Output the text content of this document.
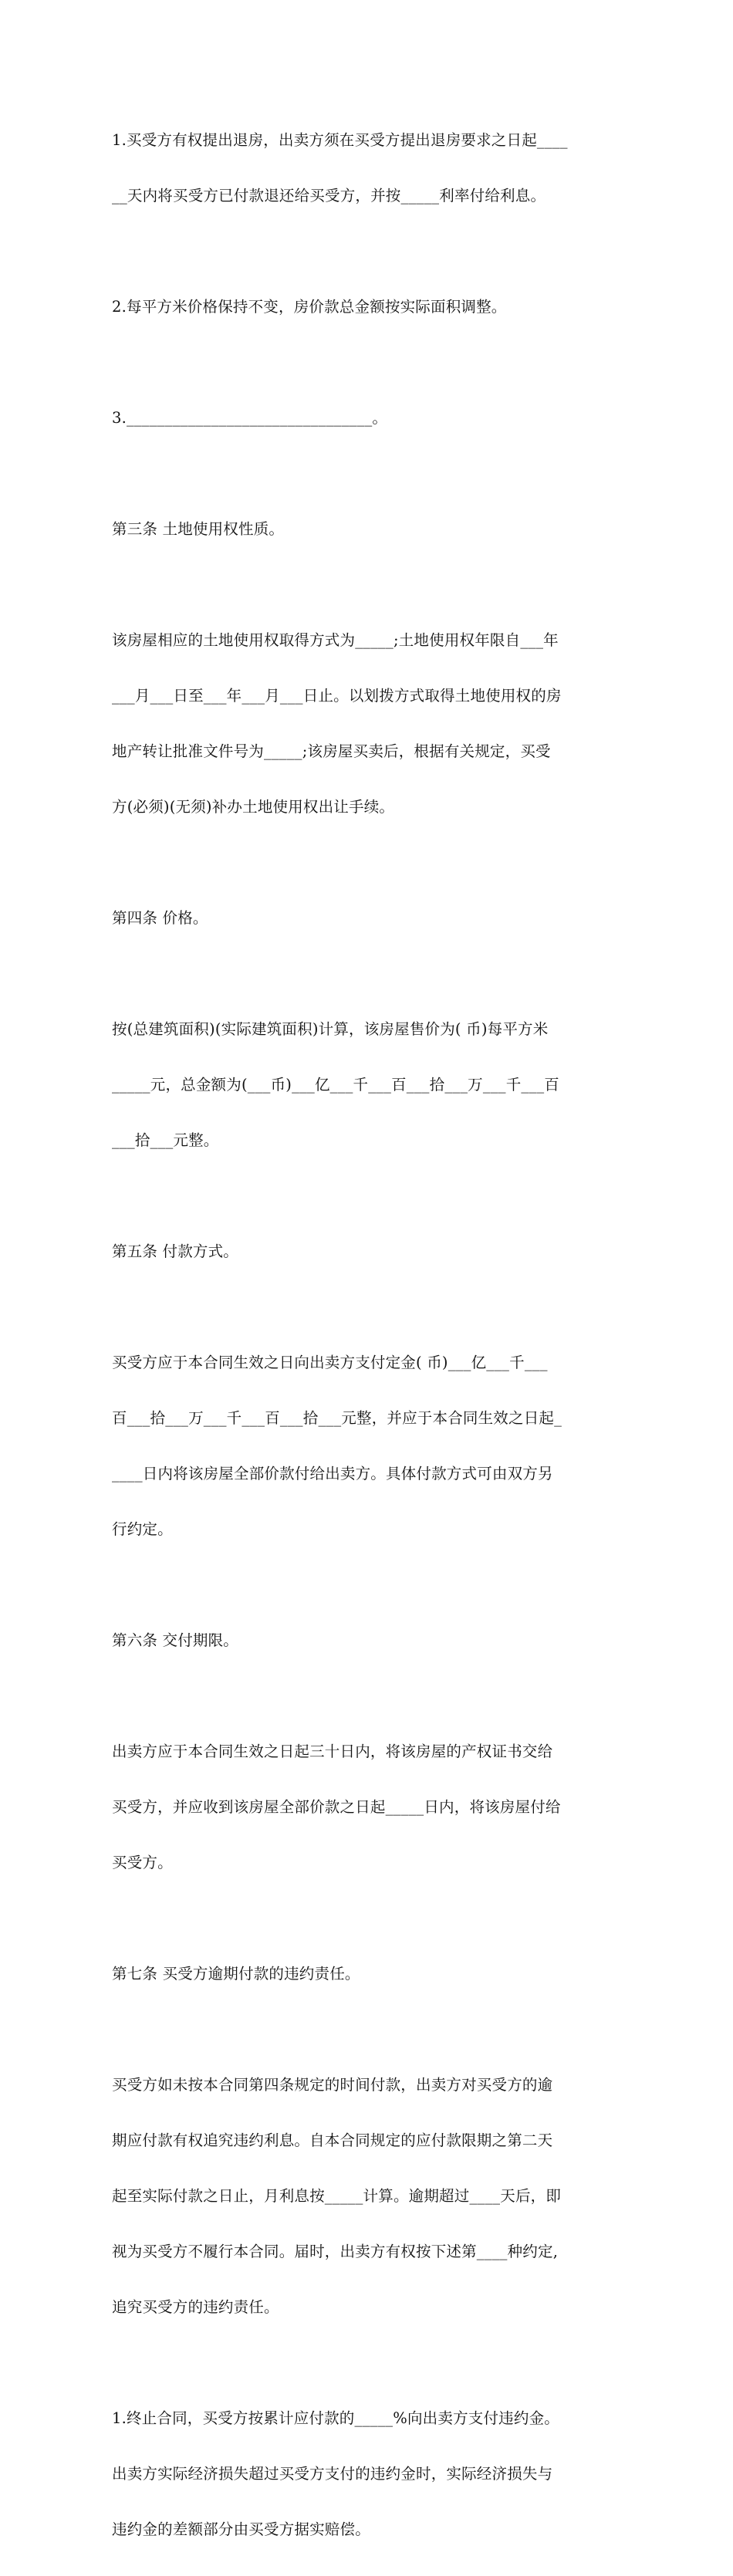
1.买受方有权提出退房，出卖方须在买受方提出退房要求之日起____

__天内将买受方已付款退还给买受方，并按_____利率付给利息。

2.每平方米价格保持不变，房价款总金额按实际面积调整。

3.________________________________。

第三条 土地使用权性质。

该房屋相应的土地使用权取得方式为_____;土地使用权年限自___年

___月___日至___年___月___日止。以划拨方式取得土地使用权的房

地产转让批准文件号为_____;该房屋买卖后，根据有关规定，买受

方(必须)(无须)补办土地使用权出让手续。

第四条 价格。

按(总建筑面积)(实际建筑面积)计算，该房屋售价为( 币)每平方米

_____元，总金额为(___币)___亿___千___百___拾___万___千___百

___拾___元整。

第五条 付款方式。

买受方应于本合同生效之日向出卖方支付定金( 币)___亿___千___

百___拾___万___千___百___拾___元整，并应于本合同生效之日起_

____日内将该房屋全部价款付给出卖方。具体付款方式可由双方另

行约定。

第六条 交付期限。

出卖方应于本合同生效之日起三十日内，将该房屋的产权证书交给

买受方，并应收到该房屋全部价款之日起_____日内，将该房屋付给

买受方。

第七条 买受方逾期付款的违约责任。

买受方如未按本合同第四条规定的时间付款，出卖方对买受方的逾

期应付款有权追究违约利息。自本合同规定的应付款限期之第二天

起至实际付款之日止，月利息按_____计算。逾期超过____天后，即

视为买受方不履行本合同。届时，出卖方有权按下述第____种约定,

追究买受方的违约责任。

1.终止合同，买受方按累计应付款的_____%向出卖方支付违约金。

出卖方实际经济损失超过买受方支付的违约金时，实际经济损失与

违约金的差额部分由买受方据实赔偿。
